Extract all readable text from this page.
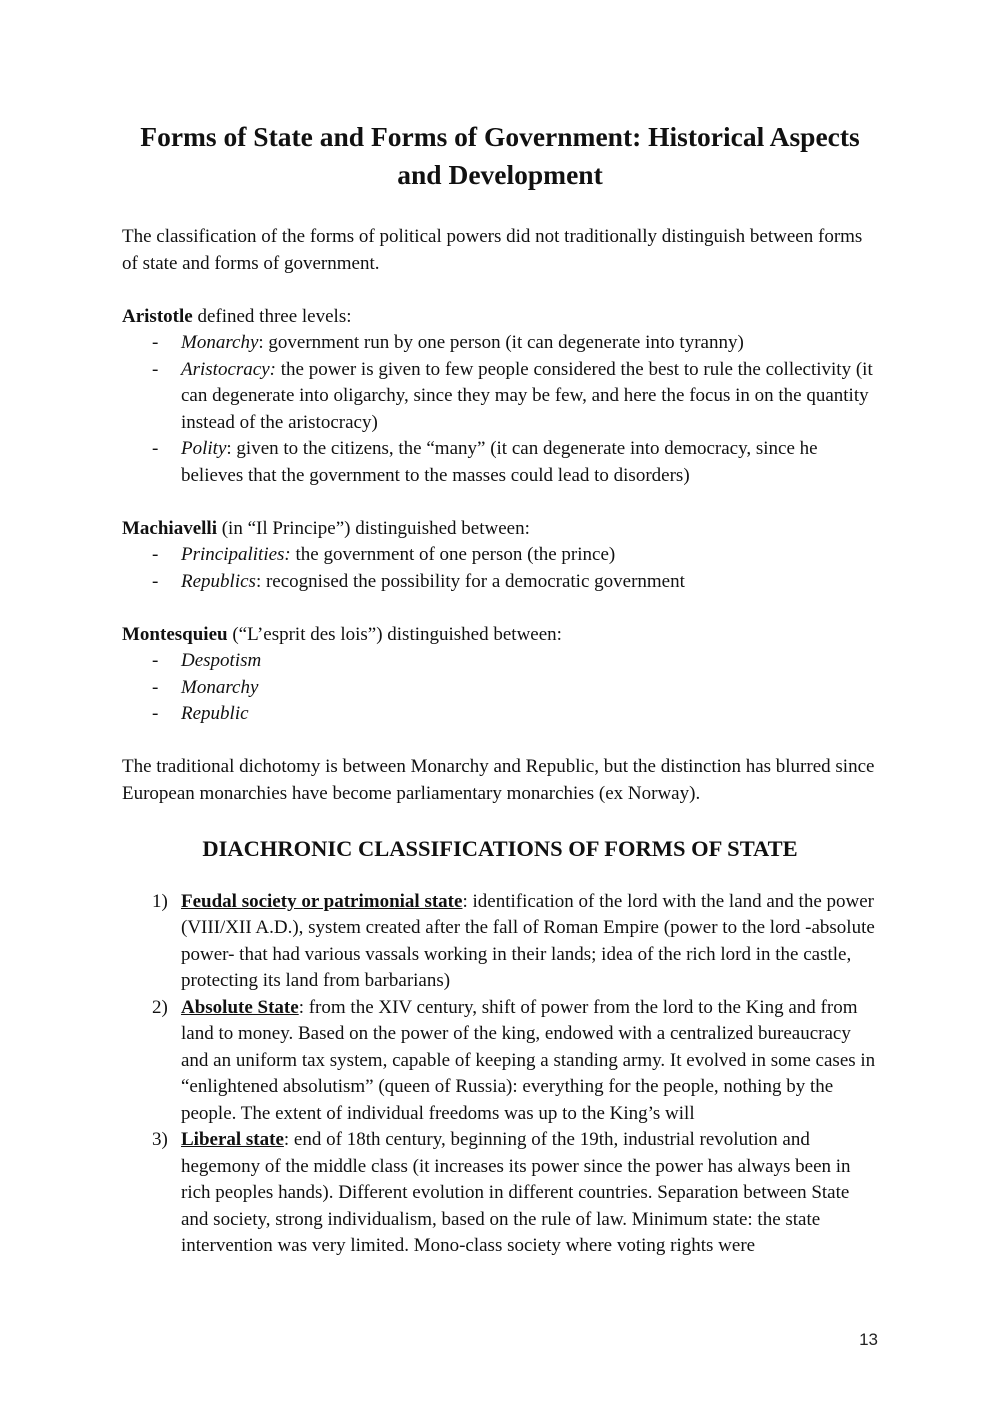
Forms of State and Forms of Government: Historical Aspects and Development

The classification of the forms of political powers did not traditionally distinguish between forms of state and forms of government.

Aristotle defined three levels:

- Monarchy: government run by one person (it can degenerate into tyranny)
- Aristocracy: the power is given to few people considered the best to rule the collectivity (it can degenerate into oligarchy, since they may be few, and here the focus in on the quantity instead of the aristocracy)
- Polity: given to the citizens, the “many” (it can degenerate into democracy, since he believes that the government to the masses could lead to disorders)

Machiavelli (in “Il Principe”) distinguished between:

- Principalities: the government of one person (the prince)
- Republics: recognised the possibility for a democratic government

Montesquieu (“L’esprit des lois”) distinguished between:

- Despotism
- Monarchy
- Republic

The traditional dichotomy is between Monarchy and Republic, but the distinction has blurred since European monarchies have become parliamentary monarchies (ex Norway).

DIACHRONIC CLASSIFICATIONS OF FORMS OF STATE
1) Feudal society or patrimonial state: identification of the lord with the land and the power (VIII/XII A.D.), system created after the fall of Roman Empire (power to the lord -absolute power- that had various vassals working in their lands; idea of the rich lord in the castle, protecting its land from barbarians)
2) Absolute State: from the XIV century, shift of power from the lord to the King and from land to money. Based on the power of the king, endowed with a centralized bureaucracy and an uniform tax system, capable of keeping a standing army. It evolved in some cases in “enlightened absolutism” (queen of Russia): everything for the people, nothing by the people. The extent of individual freedoms was up to the King’s will
3) Liberal state: end of 18th century, beginning of the 19th, industrial revolution and hegemony of the middle class (it increases its power since the power has always been in rich peoples hands). Different evolution in different countries. Separation between State and society, strong individualism, based on the rule of law. Minimum state: the state intervention was very limited. Mono-class society where voting rights were
13
